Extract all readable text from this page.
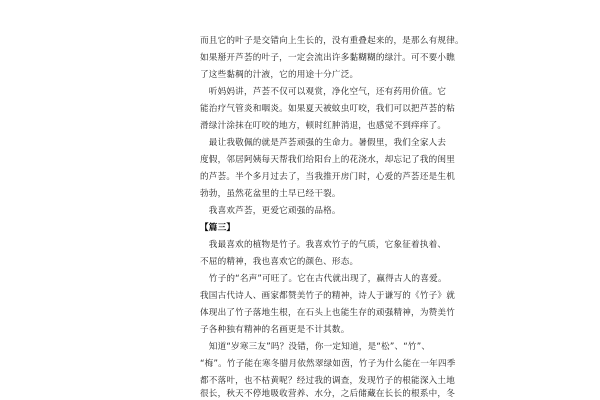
而且它的叶子是交错向上生长的，没有重叠起来的，是那么有规律。
如果掰开芦荟的叶子，一定会流出许多黏糊糊的绿汁。可不要小瞧
了这些黏稠的汁液，它的用途十分广泛。
　听妈妈讲，芦荟不仅可以观赏，净化空气，还有药用价值。它
能治疗气管炎和咽炎。如果夏天被蚊虫叮咬，我们可以把芦荟的粘
滑绿汁涂抹在叮咬的地方，顿时红肿消退，也感觉不到痒痒了。
　最让我敬佩的就是芦荟顽强的生命力。暑假里，我们全家人去
度假，邻居阿姨每天帮我们给阳台上的花浇水，却忘记了我的闺里
的芦荟。半个多月过去了，当我推开房门时，心爱的芦荟还是生机
勃勃，虽然花盆里的土早已经干裂。
　我喜欢芦荟，更爱它顽强的品格。
【篇三】
　我最喜欢的植物是竹子。我喜欢竹子的气质，它象征着执着、
不屈的精神，我也喜欢它的颜色、形态。
　竹子的“名声”可旺了。它在古代就出现了，赢得古人的喜爱。
我国古代诗人、画家都赞美竹子的精神，诗人于谦写的《竹子》就
体现出了竹子落地生根，在石头上也能生存的顽强精神，为赞美竹
子各种独有精神的名画更是不计其数。
　知道“岁寒三友”吗？没错，你一定知道，是“松”、“竹”、
“梅”。竹子能在寒冬腊月依然翠绿如茵，竹子为什么能在一年四季
都不落叶，也不枯黄呢？经过我的调查，发现竹子的根能深入土地
很长，秋天不停地吸收营养、水分，之后储藏在长长的根系中，冬
